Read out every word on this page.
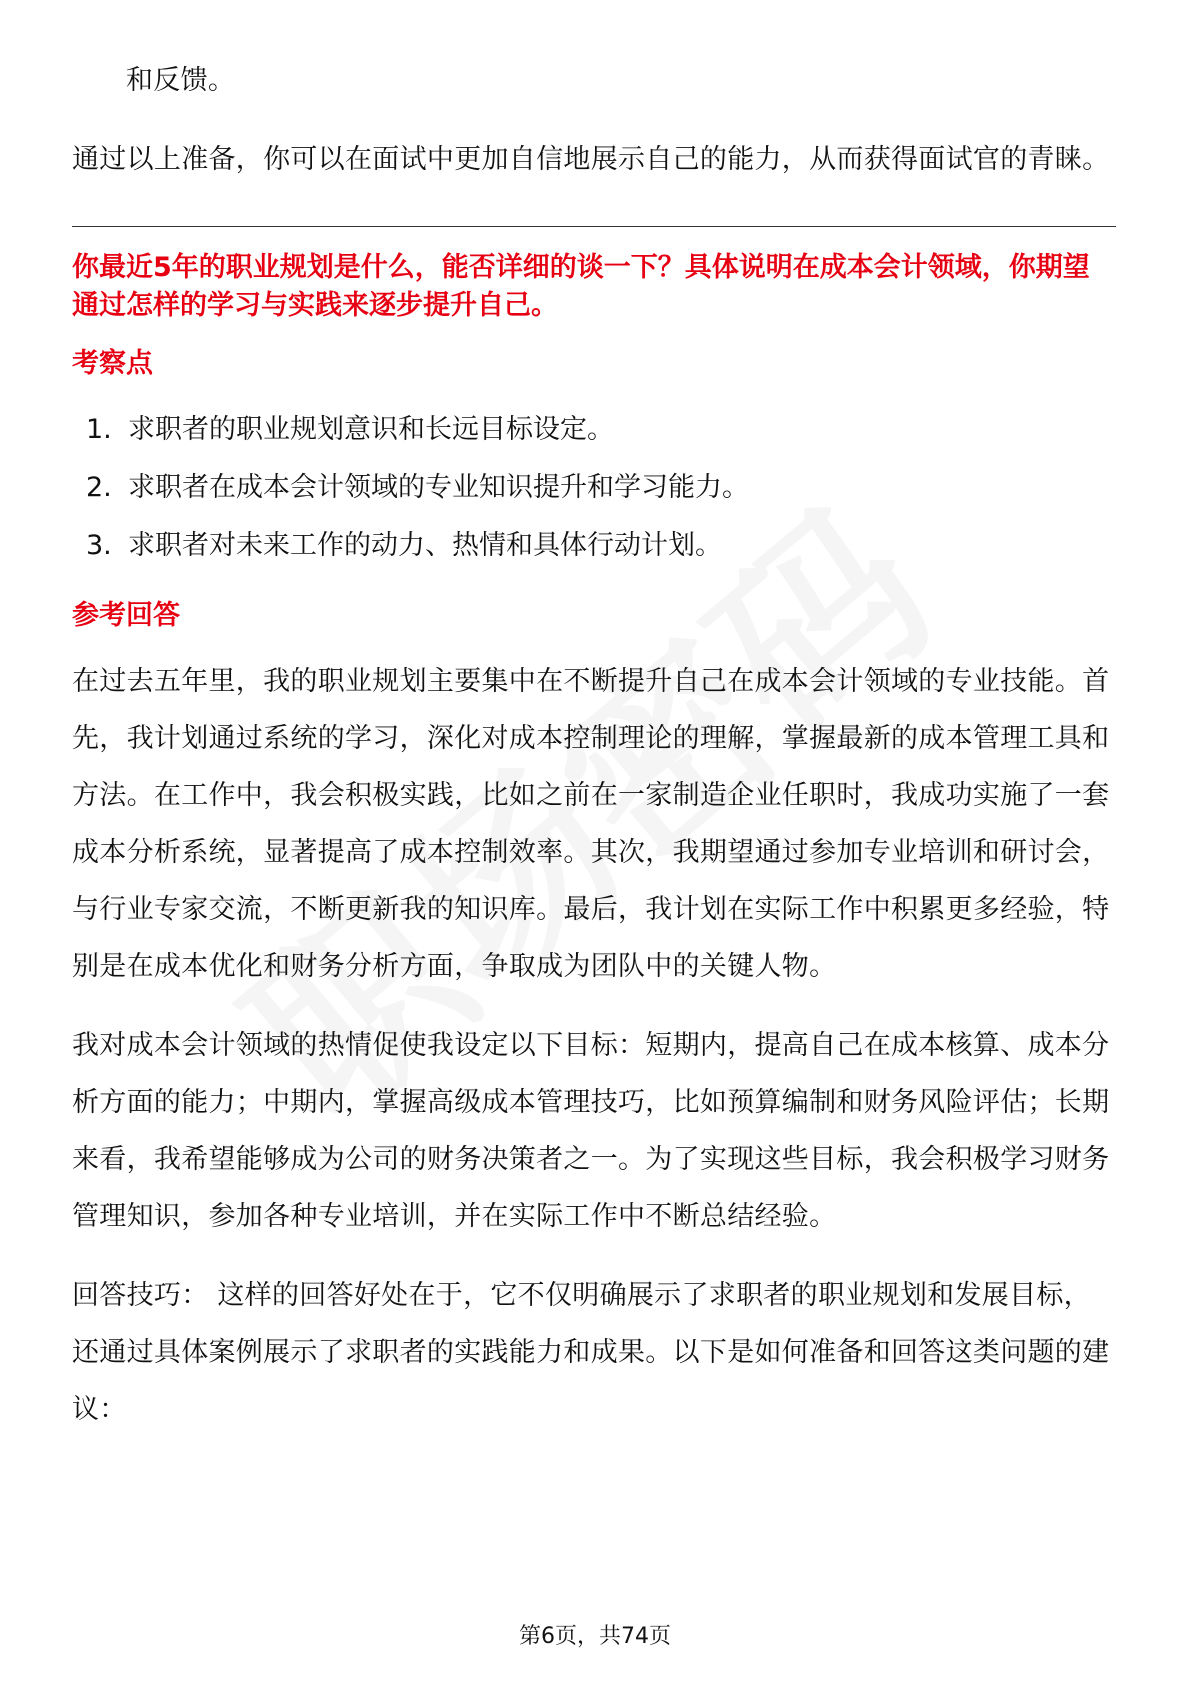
和反馈。

通过以上准备，你可以在面试中更加自信地展示自己的能力，从而获得面试官的青睐。

你最近5年的职业规划是什么，能否详细的谈一下？具体说明在成本会计领域，你期望通过怎样的学习与实践来逐步提升自己。

考察点

1. 求职者的职业规划意识和长远目标设定。
2. 求职者在成本会计领域的专业知识提升和学习能力。
3. 求职者对未来工作的动力、热情和具体行动计划。

参考回答

在过去五年里，我的职业规划主要集中在不断提升自己在成本会计领域的专业技能。首先，我计划通过系统的学习，深化对成本控制理论的理解，掌握最新的成本管理工具和方法。在工作中，我会积极实践，比如之前在一家制造企业任职时，我成功实施了一套成本分析系统，显著提高了成本控制效率。其次，我期望通过参加专业培训和研讨会，与行业专家交流，不断更新我的知识库。最后，我计划在实际工作中积累更多经验，特别是在成本优化和财务分析方面，争取成为团队中的关键人物。

我对成本会计领域的热情促使我设定以下目标：短期内，提高自己在成本核算、成本分析方面的能力；中期内，掌握高级成本管理技巧，比如预算编制和财务风险评估；长期来看，我希望能够成为公司的财务决策者之一。为了实现这些目标，我会积极学习财务管理知识，参加各种专业培训，并在实际工作中不断总结经验。

回答技巧： 这样的回答好处在于，它不仅明确展示了求职者的职业规划和发展目标，还通过具体案例展示了求职者的实践能力和成果。以下是如何准备和回答这类问题的建议：

第6页，共74页
